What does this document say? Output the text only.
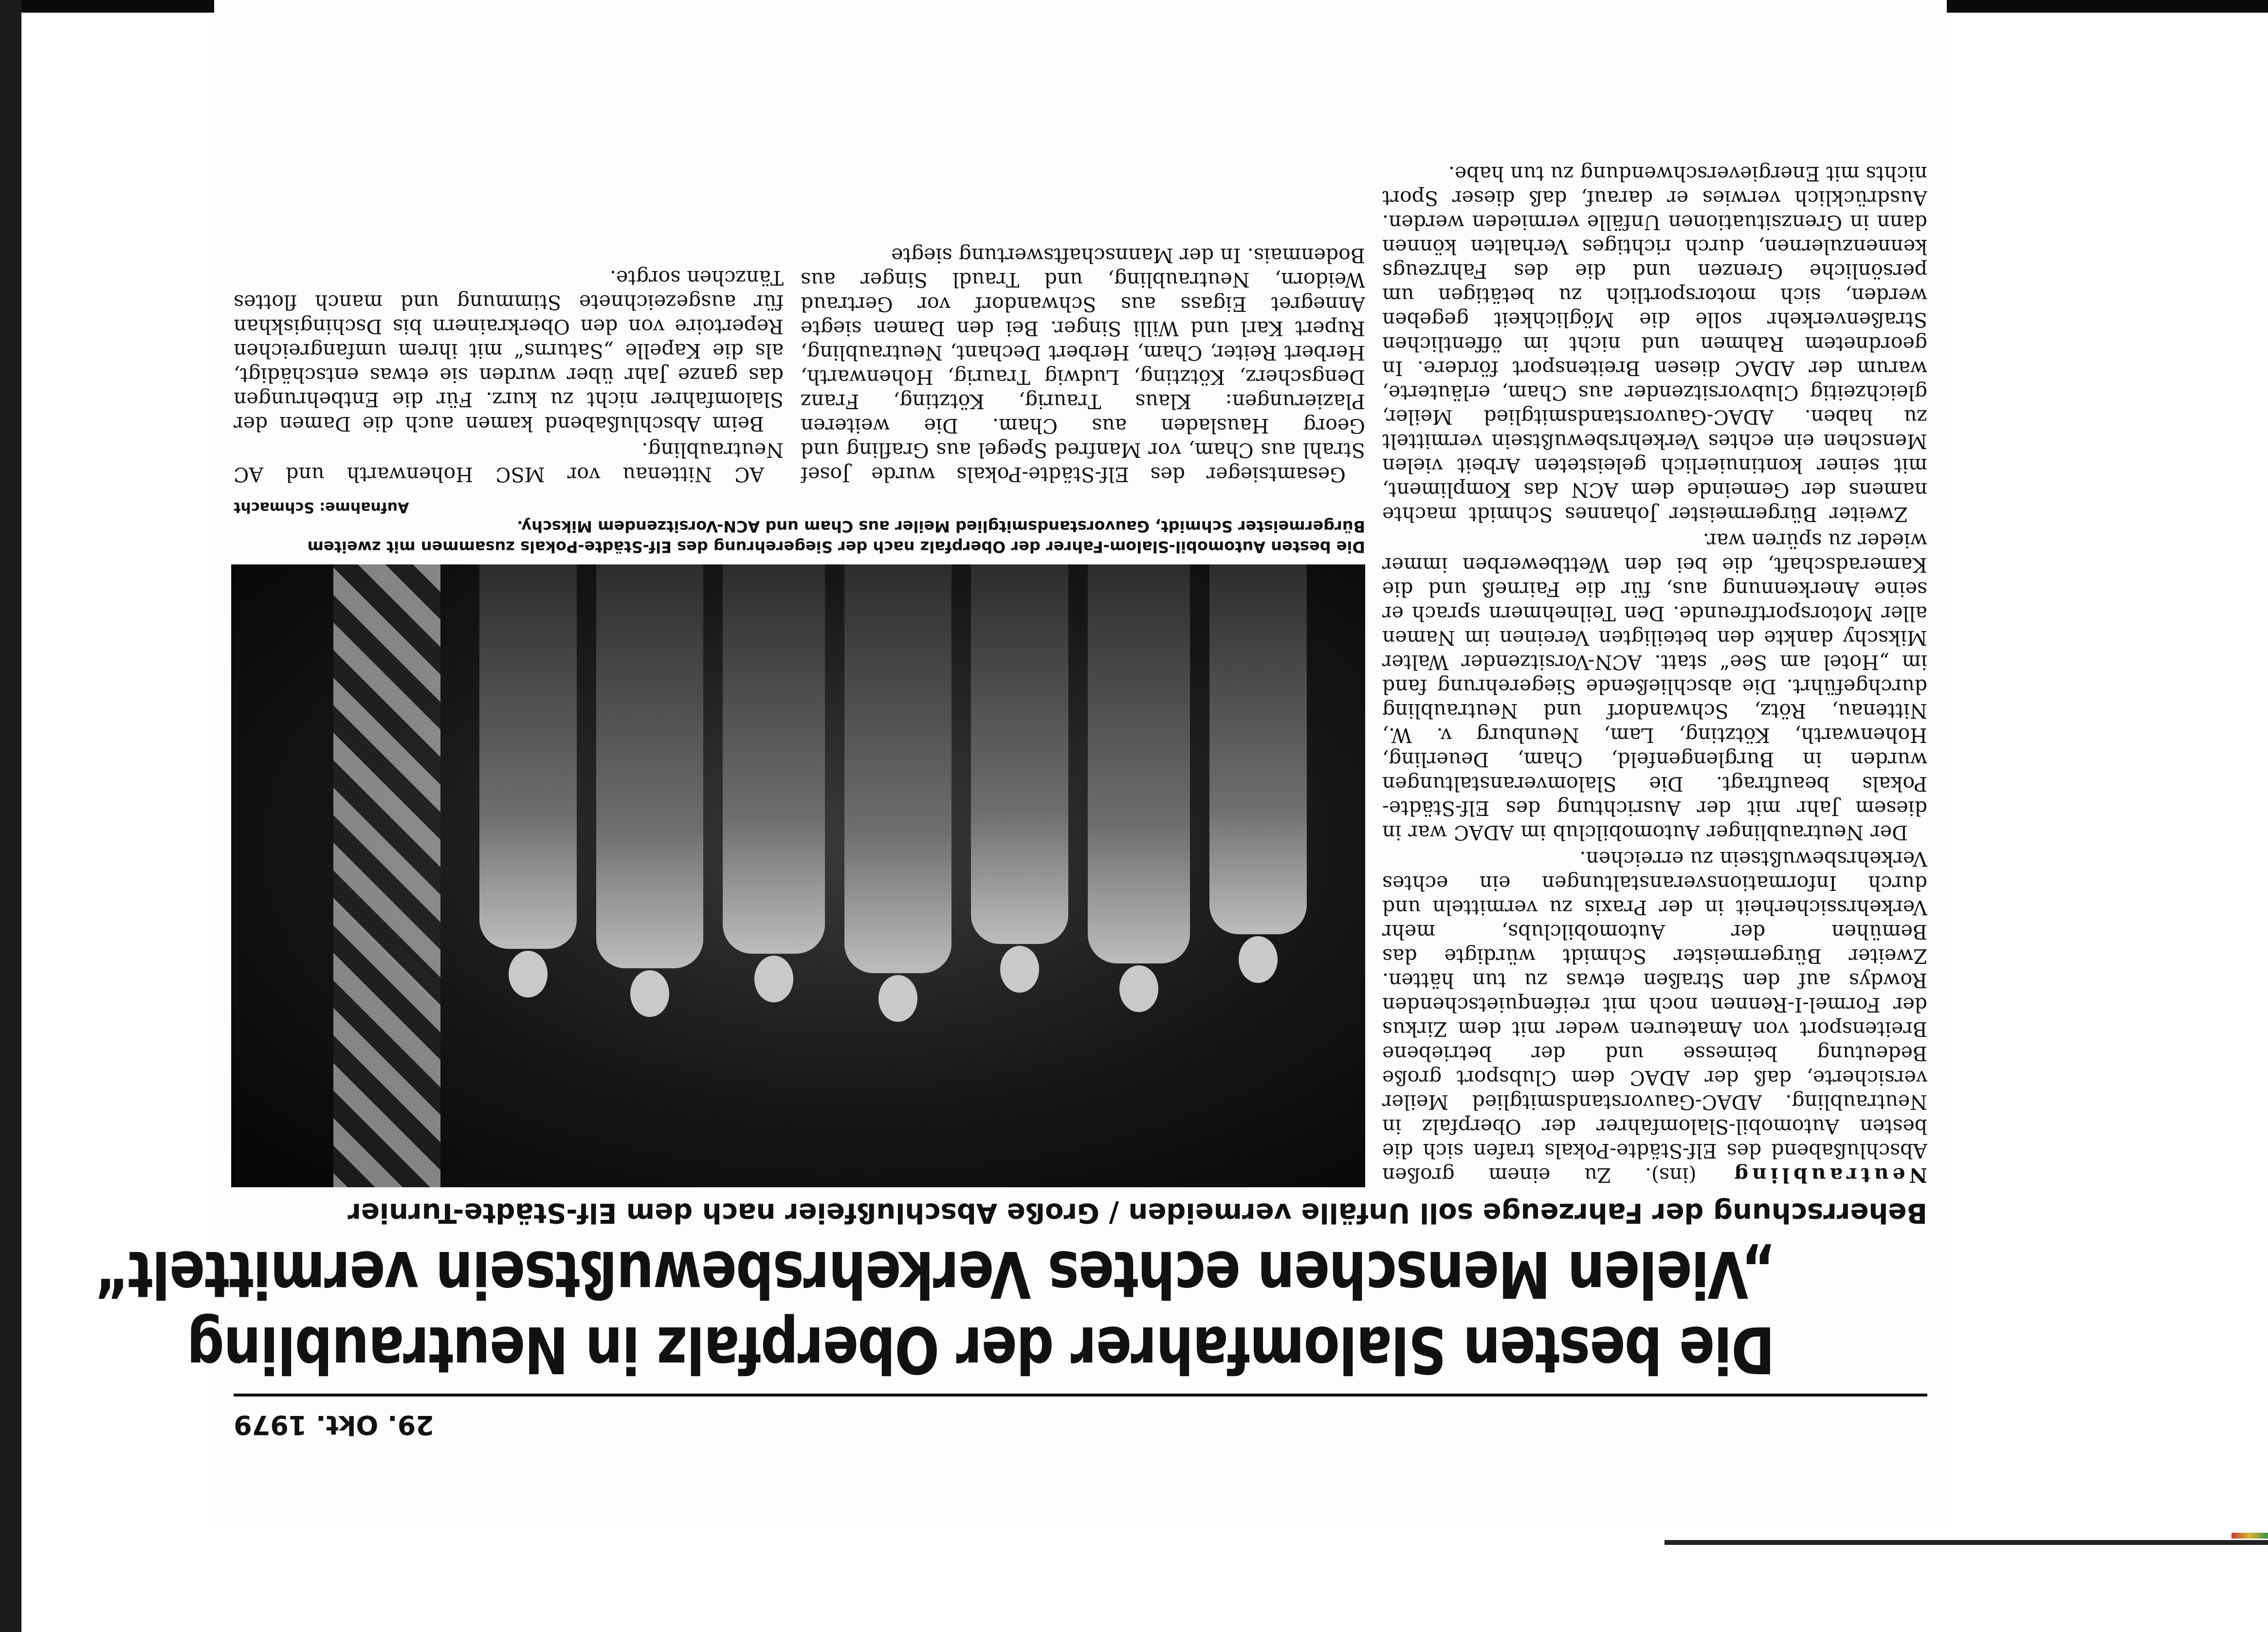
29. Okt. 1979
Die besten Slalomfahrer der Oberpfalz in Neutraubling
„Vielen Menschen echtes Verkehrsbewußtsein vermittelt“
Beherrschung der Fahrzeuge soll Unfälle vermeiden / Große Abschlußfeier nach dem Elf-Städte-Turnier

Neutraubling (ins). Zu einem großen Abschlußabend des Elf-Städte-Pokals trafen sich die besten Automobil-Slalomfahrer der Oberpfalz in Neutraubling. ADAC-Gauvorstandsmitglied Meiler versicherte, daß der ADAC dem Clubsport große Bedeutung beimesse und der betriebene Breitensport von Amateuren weder mit dem Zirkus der Formel-I-Rennen noch mit reifenquietschenden Rowdys auf den Straßen etwas zu tun hätten. Zweiter Bürgermeister Schmidt würdigte das Bemühen der Automobilclubs, mehr Verkehrssicherheit in der Praxis zu vermitteln und durch Informationsveranstaltungen ein echtes Verkehrsbewußtsein zu erreichen.

Der Neutraublinger Automobilclub im ADAC war in diesem Jahr mit der Ausrichtung des Elf-Städte-Pokals beauftragt. Die Slalomveranstaltungen wurden in Burglengenfeld, Cham, Deuerling, Hohenwarth, Kötzting, Lam, Neunburg v. W., Nittenau, Rötz, Schwandorf und Neutraubling durchgeführt. Die abschließende Siegerehrung fand im „Hotel am See“ statt. ACN-Vorsitzender Walter Mikschy dankte den beteiligten Vereinen im Namen aller Motorsportfreunde. Den Teilnehmern sprach er seine Anerkennung aus, für die Fairneß und die Kameradschaft, die bei den Wettbewerben immer wieder zu spüren war.

Zweiter Bürgermeister Johannes Schmidt machte namens der Gemeinde dem ACN das Kompliment, mit seiner kontinuierlich geleisteten Arbeit vielen Menschen ein echtes Verkehrsbewußtsein vermittelt zu haben. ADAC-Gauvorstandsmitglied Meiler, gleichzeitig Clubvorsitzender aus Cham, erläuterte, warum der ADAC diesen Breitensport fördere. In geordnetem Rahmen und nicht im öffentlichen Straßenverkehr solle die Möglichkeit gegeben werden, sich motorsportlich zu betätigen um persönliche Grenzen und die des Fahrzeugs kennenzulernen, durch richtiges Verhalten können dann in Grenzsituationen Unfälle vermieden werden. Ausdrücklich verwies er darauf, daß dieser Sport nichts mit Energieverschwendung zu tun habe.

Die besten Automobil-Slalom-Fahrer der Oberpfalz nach der Siegerehrung des Elf-Städte-Pokals zusammen mit zweitem Bürgermeister Schmidt, Gauvorstandsmitglied Meiler aus Cham und ACN-Vorsitzendem Mikschy.

Aufnahme: Schmacht

Gesamtsieger des Elf-Städte-Pokals wurde Josef Strahl aus Cham, vor Manfred Spegel aus Grafling und Georg Hausladen aus Cham. Die weiteren Plazierungen: Klaus Traurig, Kötzting, Franz Dengscherz, Kötzting, Ludwig Traurig, Hohenwarth, Herbert Reiter, Cham, Herbert Dechant, Neutraubling, Rupert Karl und Willi Singer. Bei den Damen siegte Annegret Eigass aus Schwandorf vor Gertraud Weidorn, Neutraubling, und Traudl Singer aus Bodenmais. In der Mannschaftswertung siegte

AC Nittenau vor MSC Hohenwarth und AC Neutraubling.

Beim Abschlußabend kamen auch die Damen der Slalomfahrer nicht zu kurz. Für die Entbehrungen das ganze Jahr über wurden sie etwas entschädigt, als die Kapelle „Saturns“ mit ihrem umfangreichen Repertoire von den Oberkrainern bis Dschingiskhan für ausgezeichnete Stimmung und manch flottes Tänzchen sorgte.
